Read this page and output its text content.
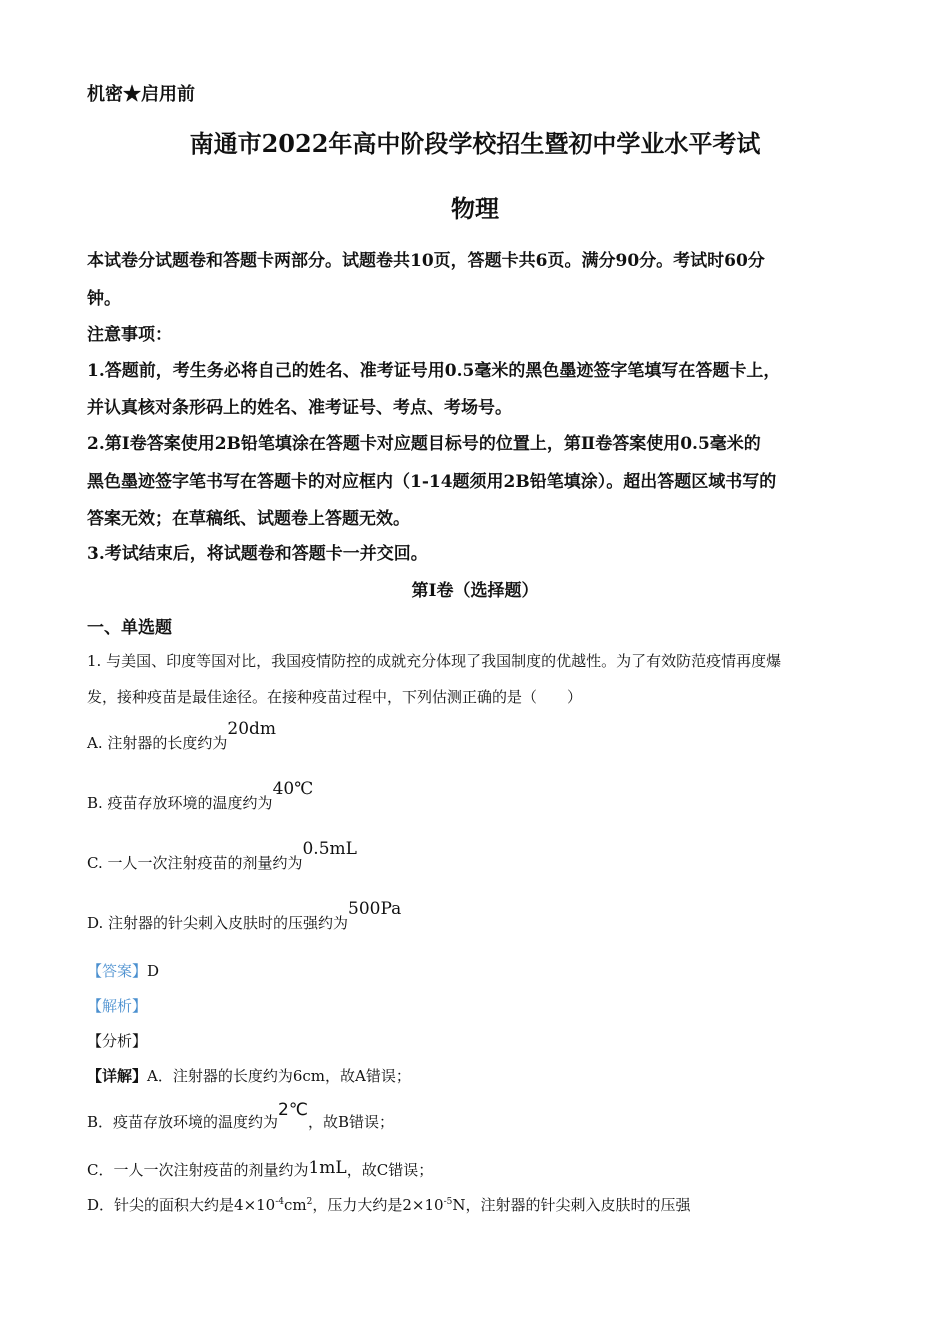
机密★启用前
南通市2022年高中阶段学校招生暨初中学业水平考试
物理
本试卷分试题卷和答题卡两部分。试题卷共10页，答题卡共6页。满分90分。考试时60分
钟。
注意事项：
1.答题前，考生务必将自己的姓名、准考证号用0.5毫米的黑色墨迹签字笔填写在答题卡上，
并认真核对条形码上的姓名、准考证号、考点、考场号。
2.第Ⅰ卷答案使用2B铅笔填涂在答题卡对应题目标号的位置上，第Ⅱ卷答案使用0.5毫米的
黑色墨迹签字笔书写在答题卡的对应框内（1-14题须用2B铅笔填涂）。超出答题区域书写的
答案无效；在草稿纸、试题卷上答题无效。
3.考试结束后，将试题卷和答题卡一并交回。
第Ⅰ卷（选择题）
一、单选题
1. 与美国、印度等国对比，我国疫情防控的成就充分体现了我国制度的优越性。为了有效防范疫情再度爆
发，接种疫苗是最佳途径。在接种疫苗过程中，下列估测正确的是（　　）
A. 注射器的长度约为20dm
B. 疫苗存放环境的温度约为40℃
C. 一人一次注射疫苗的剂量约为0.5mL
D. 注射器的针尖刺入皮肤时的压强约为500Pa
【答案】D
【解析】
【分析】
【详解】A．注射器的长度约为6cm，故A错误；
B．疫苗存放环境的温度约为2℃，故B错误；
C．一人一次注射疫苗的剂量约为1mL，故C错误；
D．针尖的面积大约是$4\times 10^{-4}cm^2$，压力大约是$2\times 10^{-5}N$，注射器的针尖刺入皮肤时的压强
